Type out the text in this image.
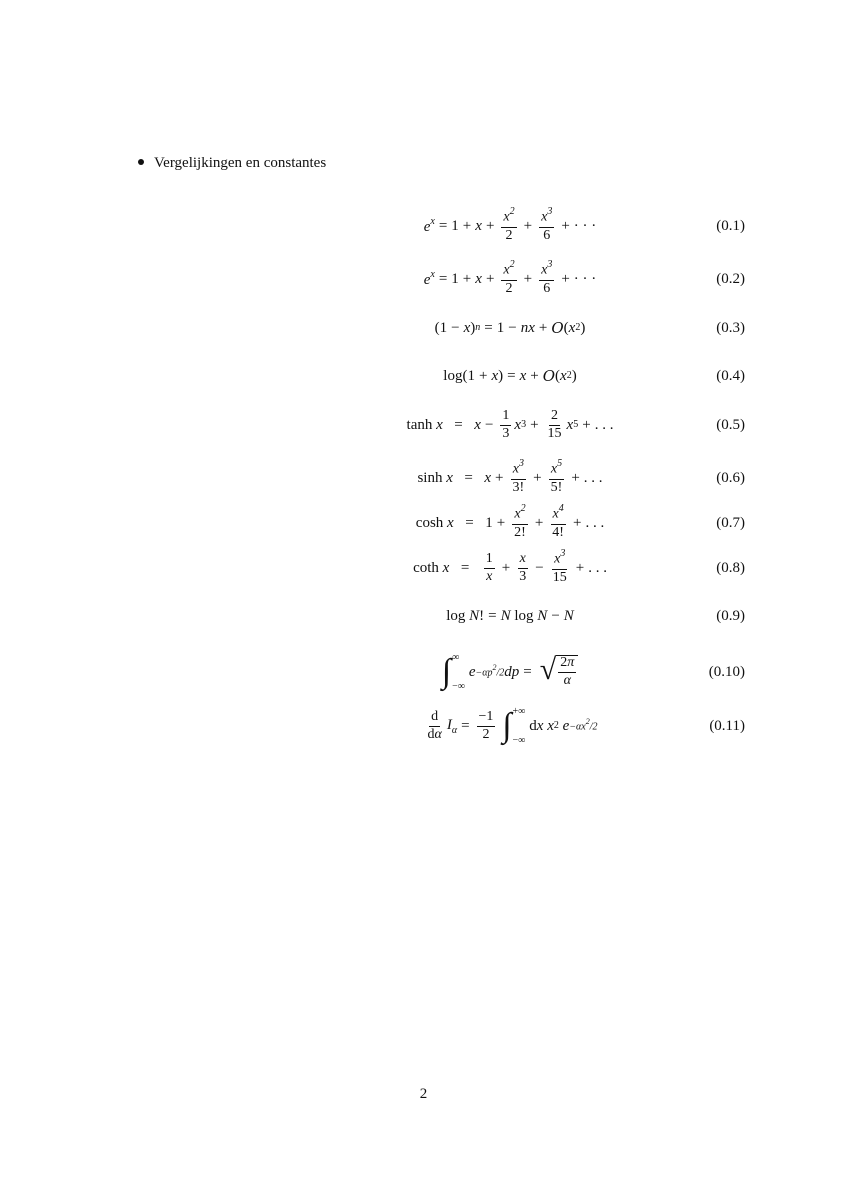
Vergelijkingen en constantes
$e^x = 1 + x + \frac{x^2}{2} + \frac{x^3}{6}$ + · · ·	(0.1)
$e^x = 1 + x + \frac{x^2}{2} + \frac{x^3}{6}$ + · · ·	(0.2)
(1 − x )$^n$ = 1 − nx + O ( $x^2$ )	(0.3)
log(1 + x ) = x + O ( $x^2$ )	(0.4)
tanh x
=
$x - \frac{1}{3} x^3 + \frac{2}{15} x^5$ + . . .	(0.5)
sinh x
=
$x + \frac{x^3}{3!} + \frac{x^5}{5!}$ + . . .	(0.6)
cosh x
= $1 + \frac{x^2}{2!} + \frac{x^4}{4!}$ + . . .	(0.7)
coth x
=
$\frac{1}{x} + \frac{x}{3} - \frac{x^3}{15}$ + . . .	(0.8)
log N ! = N log N − N	(0.9)
∫ ∞
−∞
$e^{-\alpha p^2/2}$ dp = √ $\frac{2\pi}{\alpha}$	(0.10)
$\frac{d}{d\alpha} I_\alpha = \frac{-1}{2}$
∫ +∞
−∞
d x
$x^2$
$e^{-\alpha x^2/2}$	(0.11)
2
